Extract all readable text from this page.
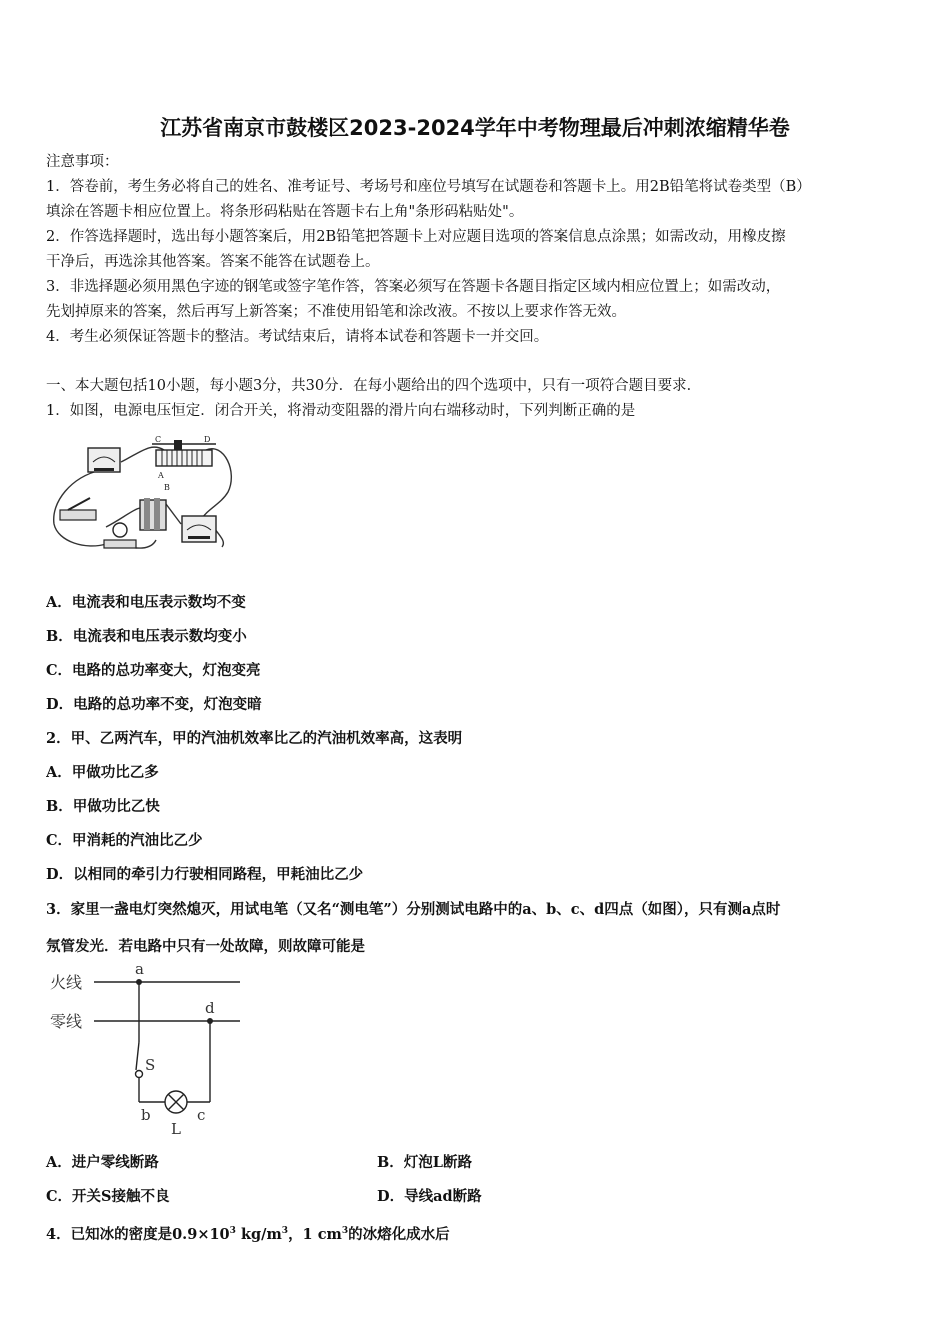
江苏省南京市鼓楼区2023-2024学年中考物理最后冲刺浓缩精华卷
注意事项：
1．答卷前，考生务必将自己的姓名、准考证号、考场号和座位号填写在试题卷和答题卡上。用2B铅笔将试卷类型（B）
填涂在答题卡相应位置上。将条形码粘贴在答题卡右上角"条形码粘贴处"。
2．作答选择题时，选出每小题答案后，用2B铅笔把答题卡上对应题目选项的答案信息点涂黑；如需改动，用橡皮擦
干净后，再选涂其他答案。答案不能答在试题卷上。
3．非选择题必须用黑色字迹的钢笔或签字笔作答，答案必须写在答题卡各题目指定区域内相应位置上；如需改动，
先划掉原来的答案，然后再写上新答案；不准使用铅笔和涂改液。不按以上要求作答无效。
4．考生必须保证答题卡的整洁。考试结束后，请将本试卷和答题卡一并交回。
一、本大题包括10小题，每小题3分，共30分．在每小题给出的四个选项中，只有一项符合题目要求．
1．如图，电源电压恒定．闭合开关，将滑动变阻器的滑片向右端移动时，下列判断正确的是
C	D
A
B
A．电流表和电压表示数均不变
B．电流表和电压表示数均变小
C．电路的总功率变大，灯泡变亮
D．电路的总功率不变，灯泡变暗
2．甲、乙两汽车，甲的汽油机效率比乙的汽油机效率高，这表明
A．甲做功比乙多
B．甲做功比乙快
C．甲消耗的汽油比乙少
D．以相同的牵引力行驶相同路程，甲耗油比乙少
3．家里一盏电灯突然熄灭，用试电笔（又名“测电笔”）分别测试电路中的a、b、c、d四点（如图），只有测a点时
氖管发光．若电路中只有一处故障，则故障可能是
火线
零线
a
d
S
b	c
L
A．进户零线断路	B．灯泡L断路
C．开关S接触不良	D．导线ad断路
4．已知冰的密度是$0.9\times 10^3$ $kg/m^3$，1 $cm^3$的冰熔化成水后
